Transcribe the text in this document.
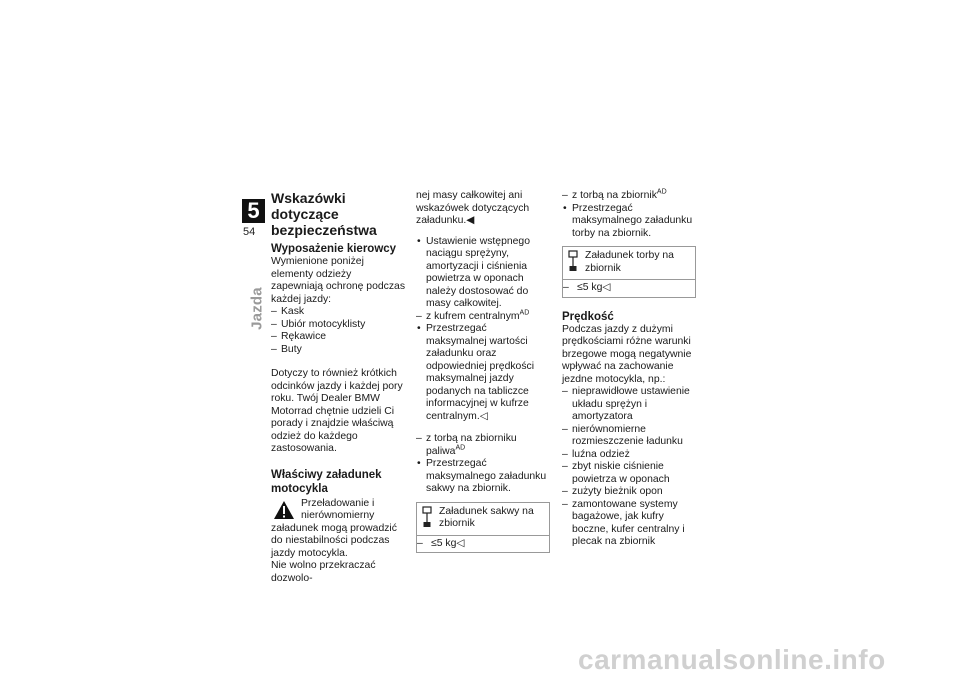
5
54
Jazda
Wskazówki dotyczące bezpieczeństwa
Wyposażenie kierowcy

Wymienione poniżej elementy odzieży zapewniają ochronę podczas każdej jazdy:

– Kask
– Ubiór motocyklisty
– Rękawice
– Buty

Dotyczy to również krótkich odcinków jazdy i każdej pory roku. Twój Dealer BMW Motorrad chętnie udzieli Ci porady i znajdzie właściwą odzież do każdego zastosowania.

Właściwy załadunek motocykla

Przeładowanie i nierównomierny załadunek mogą prowadzić do niestabilności podczas jazdy motocykla.

Nie wolno przekraczać dozwolo-

nej masy całkowitej ani wskazówek dotyczących załadunku.◀

• Ustawienie wstępnego naciągu sprężyny, amortyzacji i ciśnienia powietrza w oponach należy dostosować do masy całkowitej.
– z kufrem centralnym$^{AD}$
• Przestrzegać maksymalnej wartości załadunku oraz odpowiedniej prędkości maksymalnej jazdy podanych na tabliczce informacyjnej w kufrze centralnym.◁
– z torbą na zbiorniku paliwa$^{AD}$
• Przestrzegać maksymalnego załadunku sakwy na zbiornik.
Załadunek sakwy na zbiornik
– ≤5 kg◁
– z torbą na zbiornik$^{AD}$
• Przestrzegać maksymalnego załadunku torby na zbiornik.
Załadunek torby na zbiornik
– ≤5 kg◁
Prędkość

Podczas jazdy z dużymi prędkościami różne warunki brzegowe mogą negatywnie wpływać na zachowanie jezdne motocykla, np.:

– nieprawidłowe ustawienie układu sprężyn i amortyzatora
– nierównomierne rozmieszczenie ładunku
– luźna odzież
– zbyt niskie ciśnienie powietrza w oponach
– zużyty bieżnik opon
– zamontowane systemy bagażowe, jak kufry boczne, kufer centralny i plecak na zbiornik
carmanualsonline.info
